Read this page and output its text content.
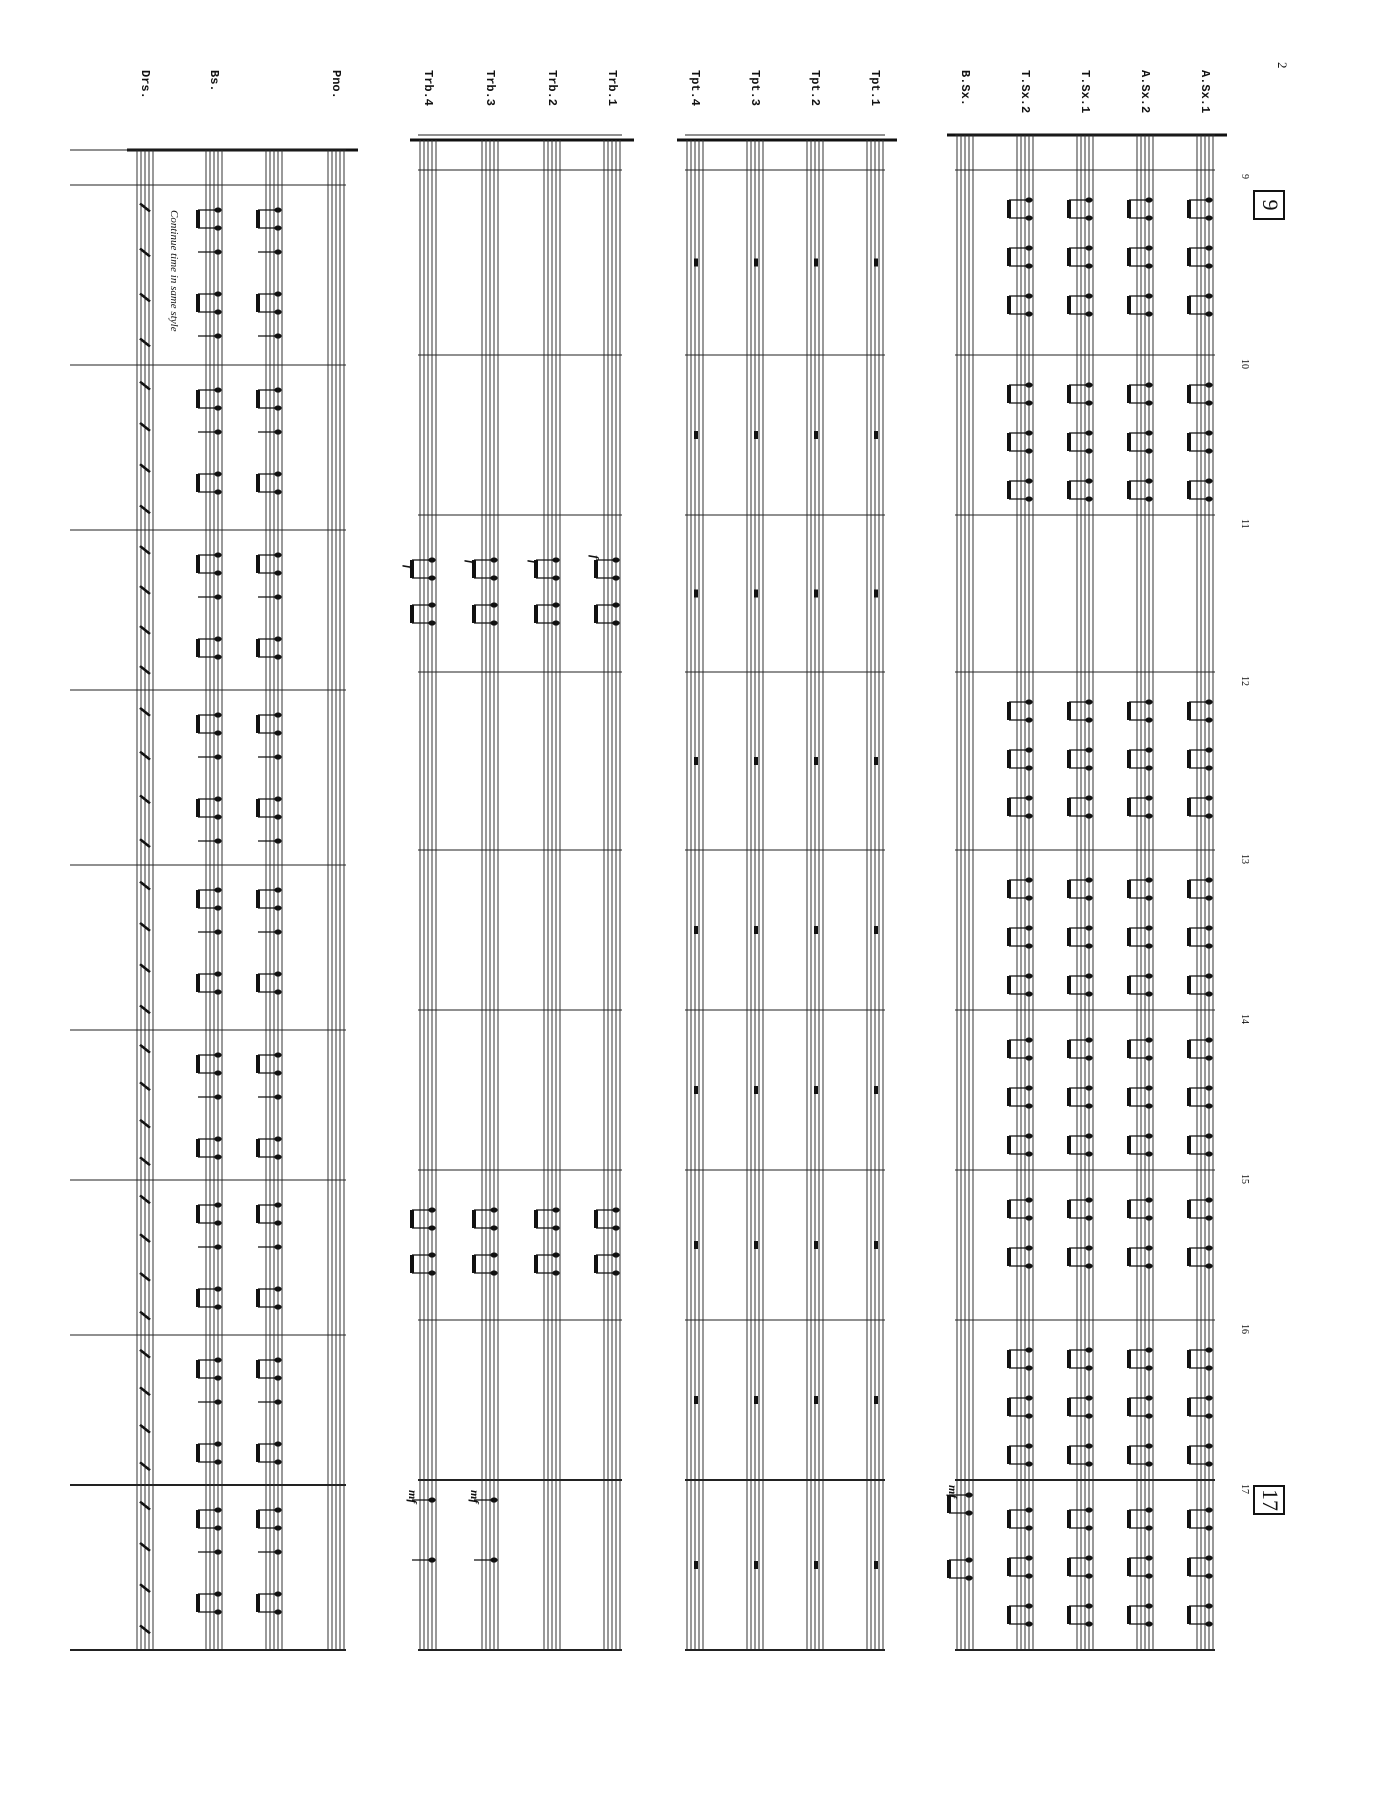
2
9
17
A.Sx.1
A.Sx.2
T.Sx.1
T.Sx.2
B.Sx.
Tpt.1
Tpt.2
Tpt.3
Tpt.4
Trb.1
Trb.2
Trb.3
Trb.4
Pno.
Bs.
Drs.
9
10
11
12
13
14
15
16
17
Continue time in same style
f
f
f
f
mf
mf	mf
